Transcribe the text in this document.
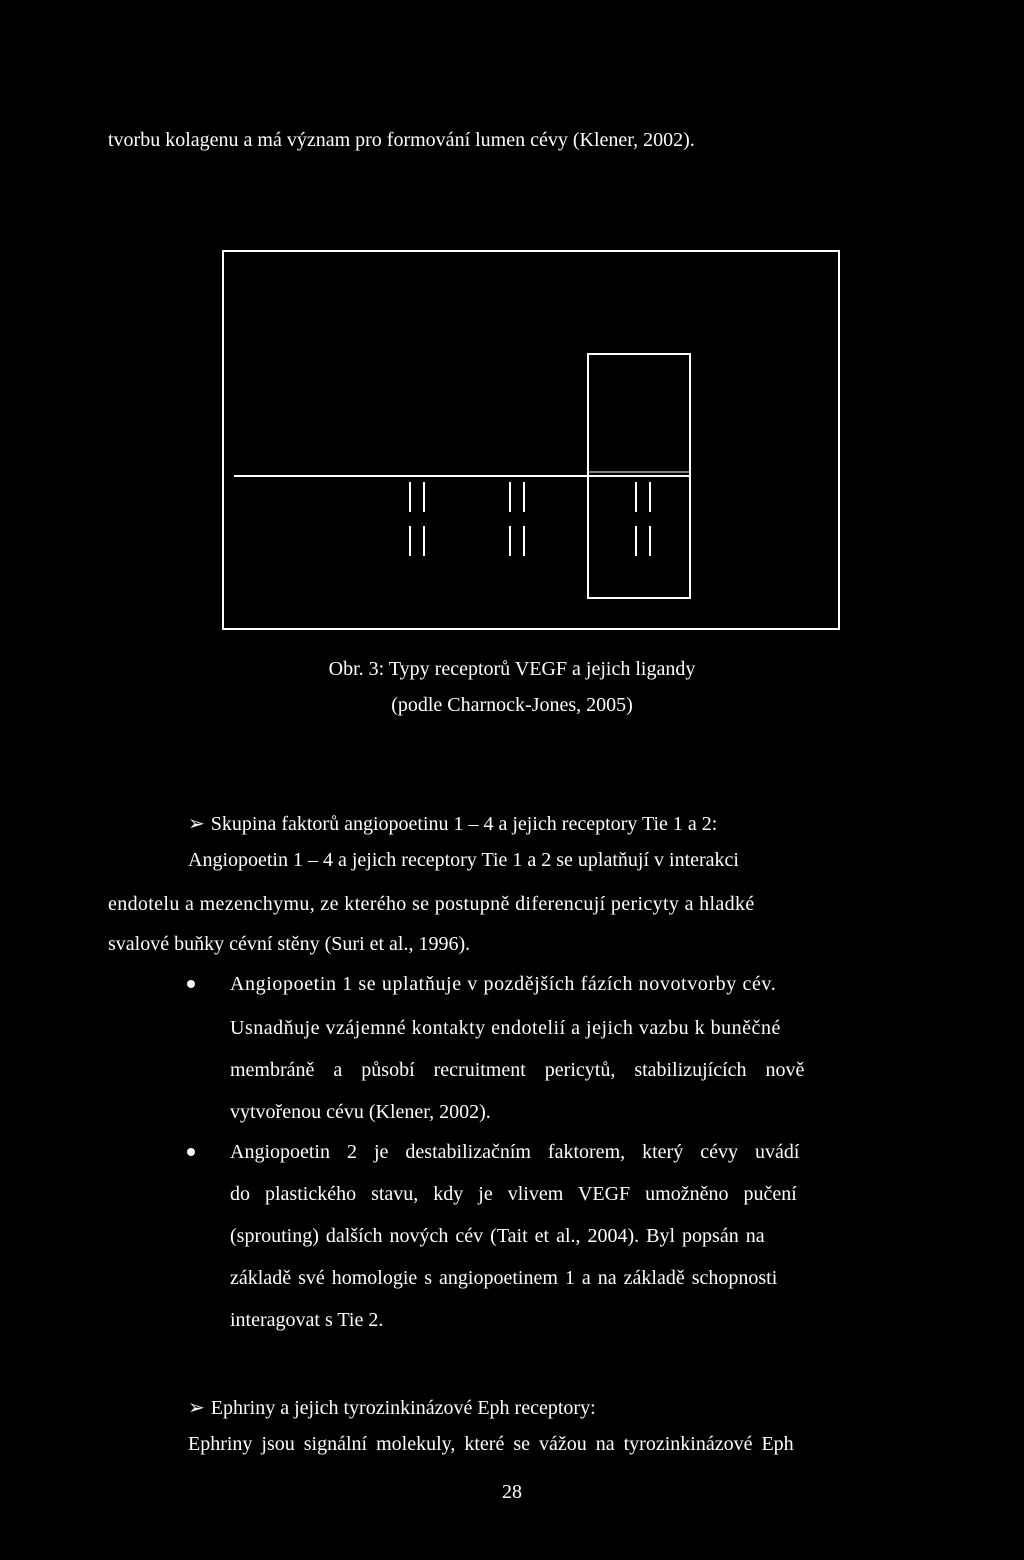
tvorbu kolagenu a má význam pro formování lumen cévy (Klener, 2002).
Obr. 3: Typy receptorů VEGF a jejich ligandy
(podle Charnock-Jones, 2005)
➢ Skupina faktorů angiopoetinu 1 – 4 a jejich receptory Tie 1 a 2:
Angiopoetin 1 – 4 a jejich receptory Tie 1 a 2 se uplatňují v interakci
endotelu a mezenchymu, ze kterého se postupně diferencují pericyty a hladké
svalové buňky cévní stěny (Suri et al., 1996).
Angiopoetin 1 se uplatňuje v pozdějších fázích novotvorby cév.
Usnadňuje vzájemné kontakty endotelií a jejich vazbu k buněčné
membráně a působí recruitment pericytů, stabilizujících nově
vytvořenou cévu (Klener, 2002).
Angiopoetin 2 je destabilizačním faktorem, který cévy uvádí
do plastického stavu, kdy je vlivem VEGF umožněno pučení
(sprouting) dalších nových cév (Tait et al., 2004). Byl popsán na
základě své homologie s angiopoetinem 1 a na základě schopnosti
interagovat s Tie 2.
➢ Ephriny a jejich tyrozinkinázové Eph receptory:
Ephriny jsou signální molekuly, které se vážou na tyrozinkinázové Eph
28
